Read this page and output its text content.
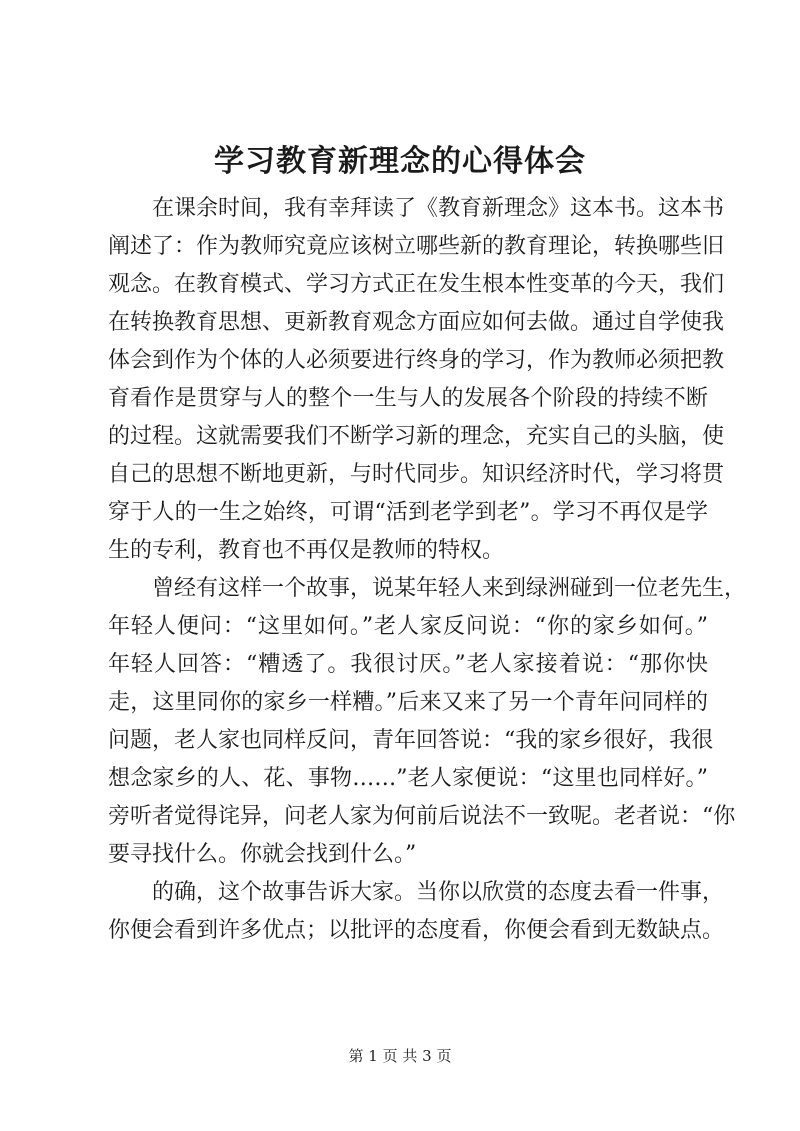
学习教育新理念的心得体会
在课余时间，我有幸拜读了《教育新理念》这本书。这本书
阐述了：作为教师究竟应该树立哪些新的教育理论，转换哪些旧
观念。在教育模式、学习方式正在发生根本性变革的今天，我们
在转换教育思想、更新教育观念方面应如何去做。通过自学使我
体会到作为个体的人必须要进行终身的学习，作为教师必须把教
育看作是贯穿与人的整个一生与人的发展各个阶段的持续不断
的过程。这就需要我们不断学习新的理念，充实自己的头脑，使
自己的思想不断地更新，与时代同步。知识经济时代，学习将贯
穿于人的一生之始终，可谓“活到老学到老”。学习不再仅是学
生的专利，教育也不再仅是教师的特权。
曾经有这样一个故事，说某年轻人来到绿洲碰到一位老先生，
年轻人便问：“这里如何。”老人家反问说：“你的家乡如何。”
年轻人回答：“糟透了。我很讨厌。”老人家接着说：“那你快
走，这里同你的家乡一样糟。”后来又来了另一个青年问同样的
问题，老人家也同样反问，青年回答说：“我的家乡很好，我很
想念家乡的人、花、事物……”老人家便说：“这里也同样好。”
旁听者觉得诧异，问老人家为何前后说法不一致呢。老者说：“你
要寻找什么。你就会找到什么。”
的确，这个故事告诉大家。当你以欣赏的态度去看一件事，
你便会看到许多优点；以批评的态度看，你便会看到无数缺点。
第 1 页 共 3 页
